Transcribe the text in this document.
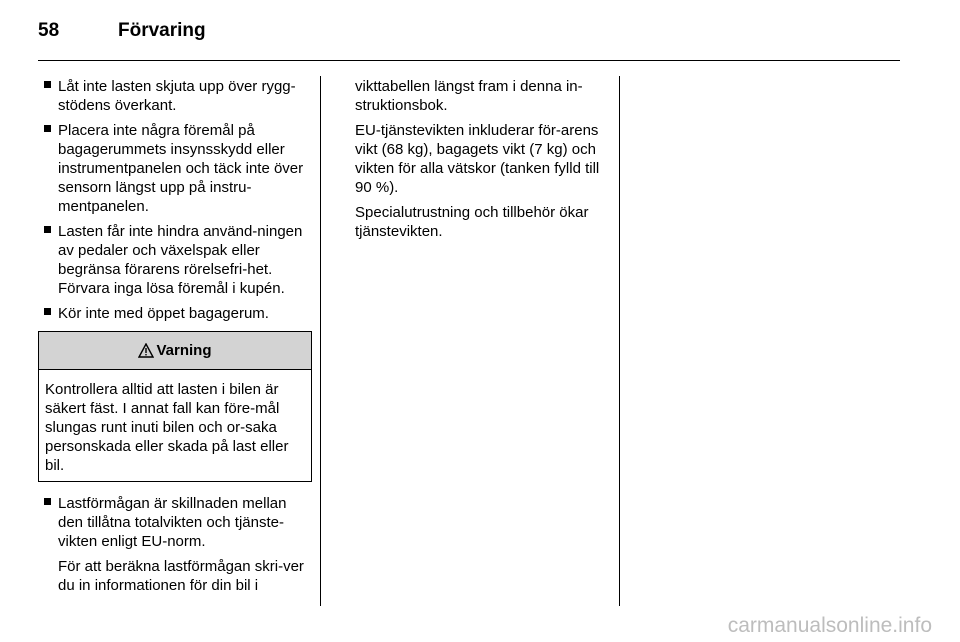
58	Förvaring
Låt inte lasten skjuta upp över rygg-stödens överkant.
Placera inte några föremål på bagagerummets insynsskydd eller instrumentpanelen och täck inte över sensorn längst upp på instru-mentpanelen.
Lasten får inte hindra använd-ningen av pedaler och växelspak eller begränsa förarens rörelsefri-het. Förvara inga lösa föremål i kupén.
Kör inte med öppet bagagerum.
Varning
Kontrollera alltid att lasten i bilen är säkert fäst. I annat fall kan före-mål slungas runt inuti bilen och or-saka personskada eller skada på last eller bil.
Lastförmågan är skillnaden mellan den tillåtna totalvikten och tjänste-vikten enligt EU-norm.
För att beräkna lastförmågan skri-ver du in informationen för din bil i

vikttabellen längst fram i denna in-struktionsbok.

EU-tjänstevikten inkluderar för-arens vikt (68 kg), bagagets vikt (7 kg) och vikten för alla vätskor (tanken fylld till 90 %).

Specialutrustning och tillbehör ökar tjänstevikten.

carmanualsonline.info
